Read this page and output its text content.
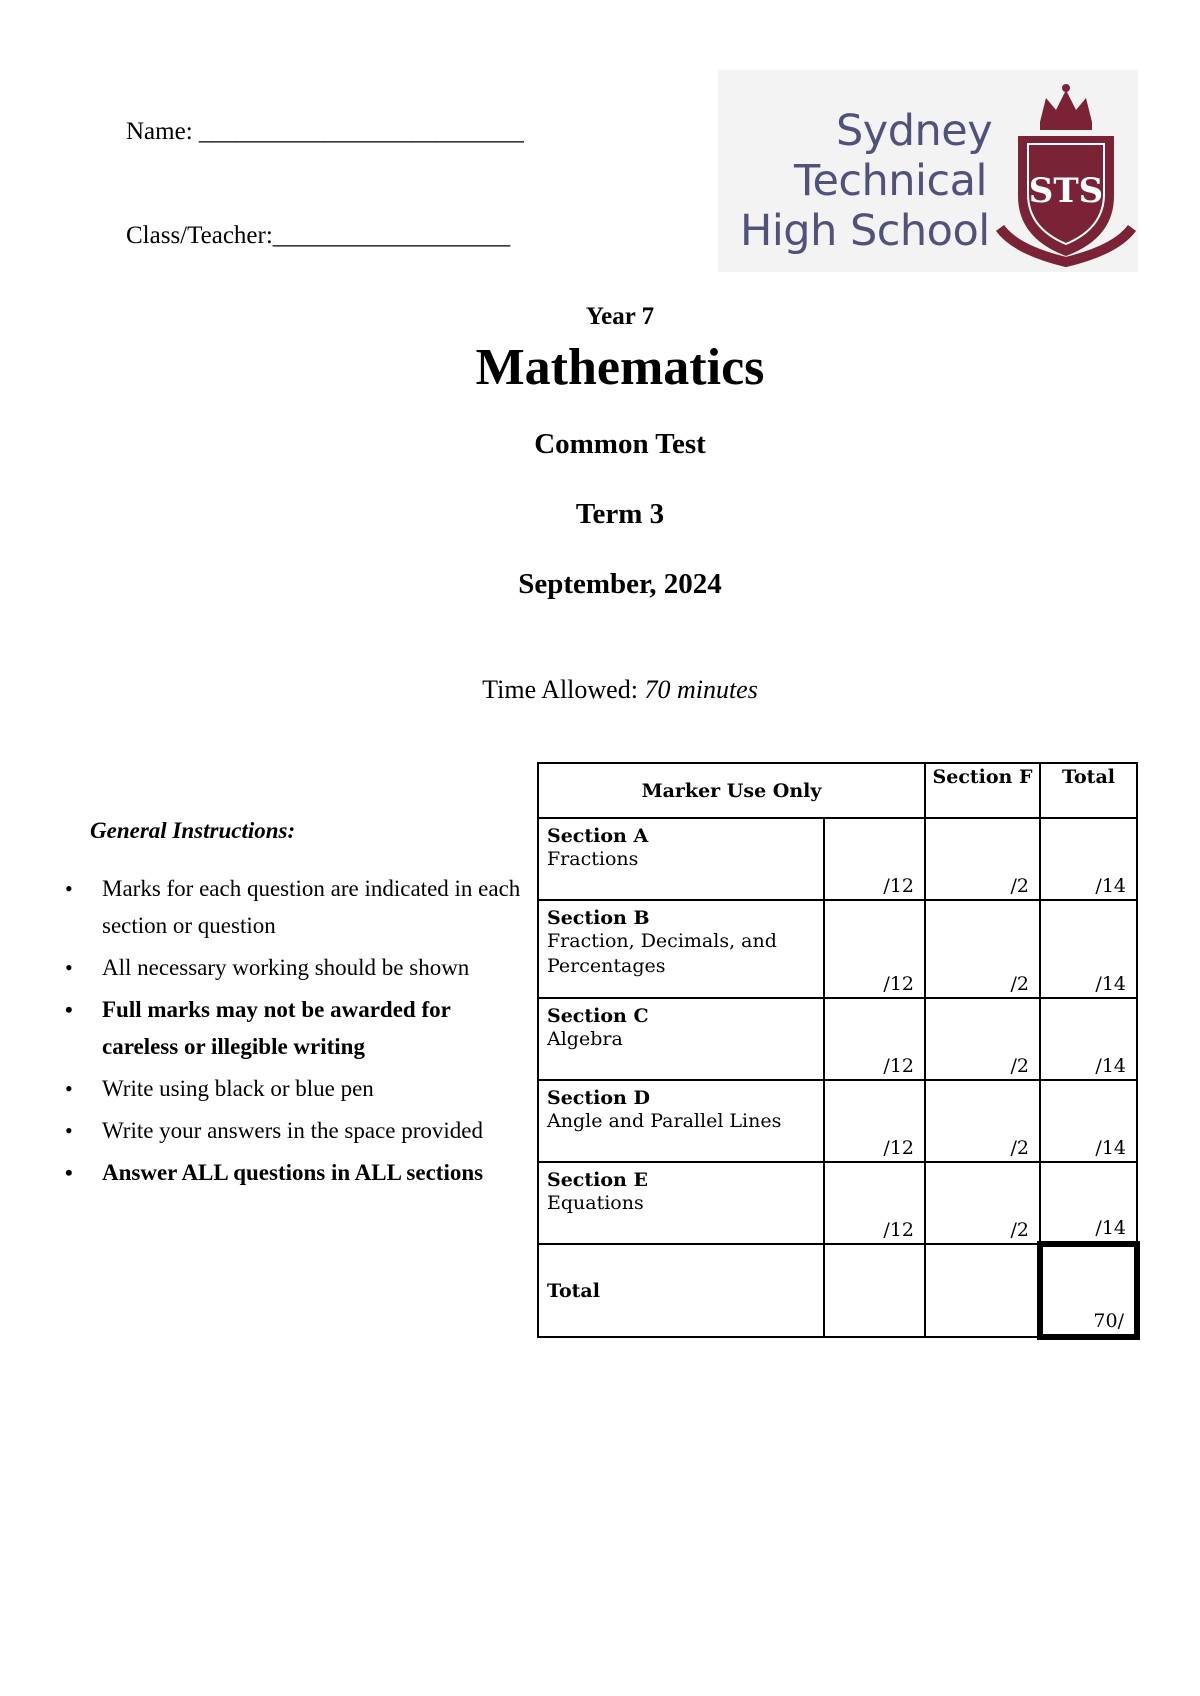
Name: __________________________
Class/Teacher:___________________
Sydney
Technical
High School
STS
Year 7
Mathematics
Common Test
Term 3
September, 2024
Time Allowed: 70 minutes
General Instructions:
• Marks for each question are indicated in each section or question
• All necessary working should be shown
• Full marks may not be awarded for careless or illegible writing
• Write using black or blue pen
• Write your answers in the space provided
• Answer ALL questions in ALL sections
Marker Use Only		Section F	Total

Section A
Fractions	/12	/2	/14

Section B
Fraction, Decimals, and Percentages	/12	/2	/14

Section C
Algebra	/12	/2	/14

Section D
Angle and Parallel Lines	/12	/2	/14

Section E
Equations	/12	/2	/14

Total			70/
